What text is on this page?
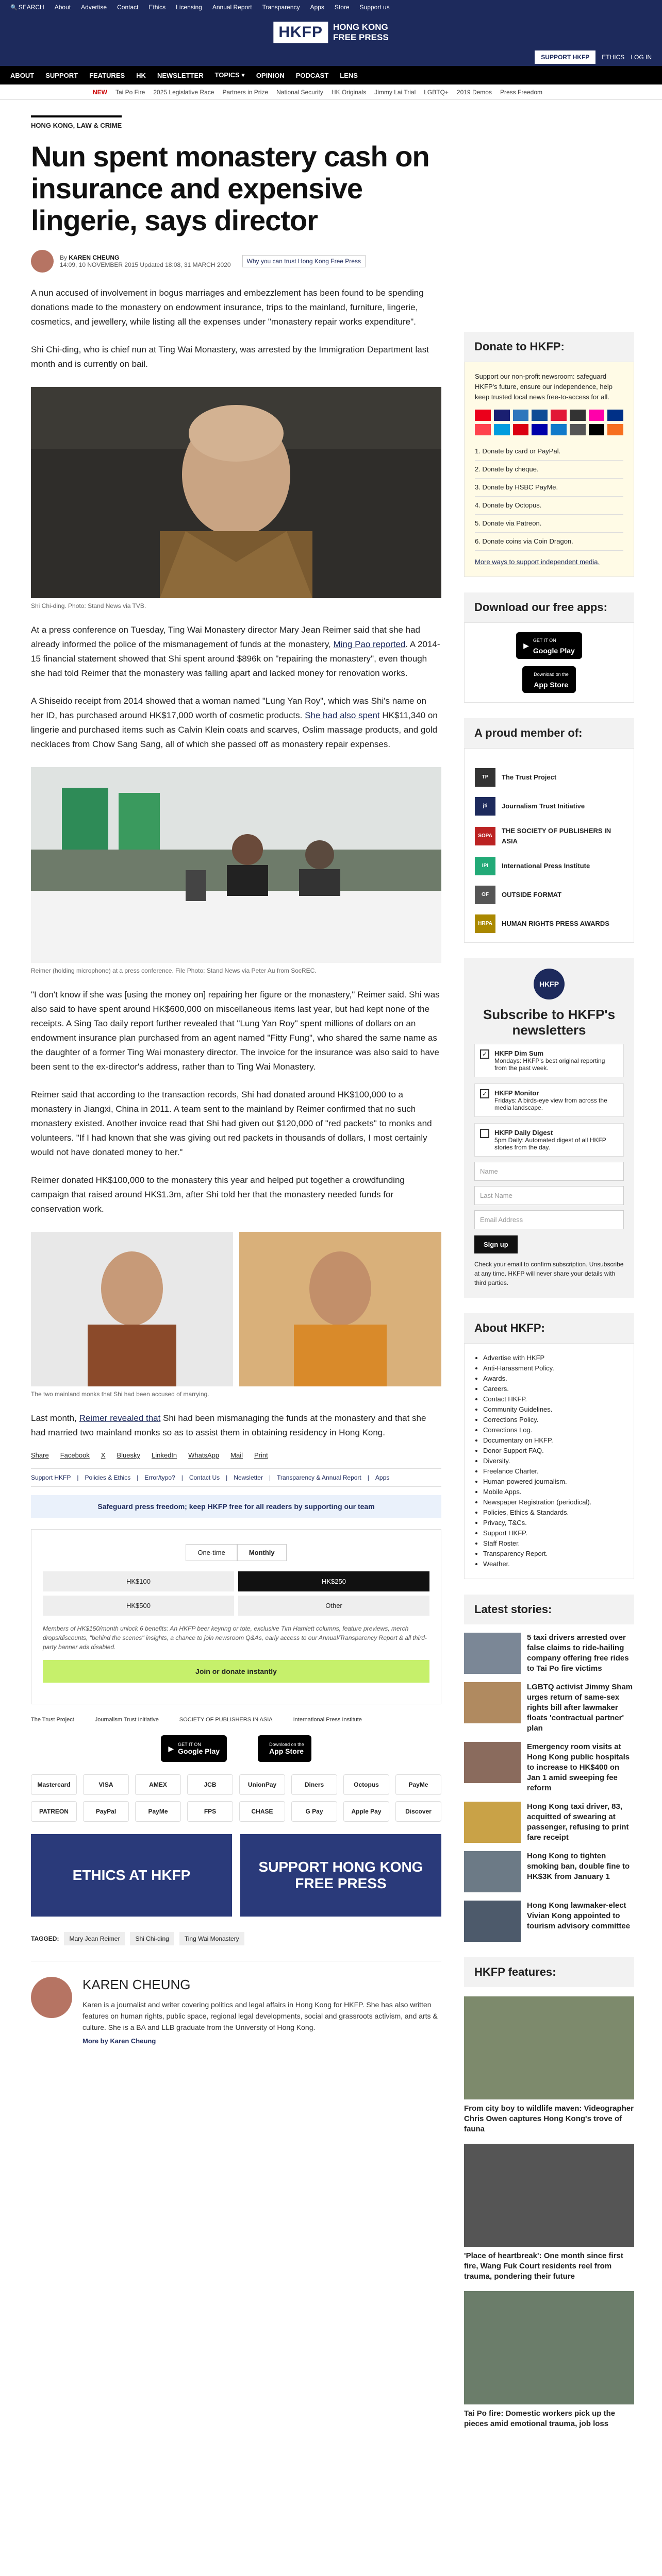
🔍 SEARCH About Advertise Contact Ethics Licensing Annual Report Transparency Apps Store Support us
HKFP	HONG KONG
FREE PRESS
SUPPORT HKFP	ETHICS LOG IN
ABOUT SUPPORT FEATURES HK NEWSLETTER TOPICS ▾ OPINION PODCAST LENS
NEW Tai Po Fire 2025 Legislative Race Partners in Prize National Security HK Originals Jimmy Lai Trial LGBTQ+ 2019 Demos Press Freedom
HONG KONG, LAW & CRIME
Nun spent monastery cash on insurance and expensive lingerie, says director
By KAREN CHEUNG
14:09, 10 NOVEMBER 2015 Updated 18:08, 31 MARCH 2020	Why you can trust Hong Kong Free Press

A nun accused of involvement in bogus marriages and embezzlement has been found to be spending donations made to the monastery on endowment insurance, trips to the mainland, furniture, lingerie, cosmetics, and jewellery, while listing all the expenses under "monastery repair works expenditure".

Shi Chi-ding, who is chief nun at Ting Wai Monastery, was arrested by the Immigration Department last month and is currently on bail.

Shi Chi-ding. Photo: Stand News via TVB.

At a press conference on Tuesday, Ting Wai Monastery director Mary Jean Reimer said that she had already informed the police of the mismanagement of funds at the monastery, Ming Pao reported. A 2014-15 financial statement showed that Shi spent around $896k on "repairing the monastery", even though she had told Reimer that the monastery was falling apart and lacked money for renovation works.

A Shiseido receipt from 2014 showed that a woman named "Lung Yan Roy", which was Shi's name on her ID, has purchased around HK$17,000 worth of cosmetic products. She had also spent HK$11,340 on lingerie and purchased items such as Calvin Klein coats and scarves, Oslim massage products, and gold necklaces from Chow Sang Sang, all of which she passed off as monastery repair expenses.

Reimer (holding microphone) at a press conference. File Photo: Stand News via Peter Au from SocREC.

"I don't know if she was [using the money on] repairing her figure or the monastery," Reimer said. Shi was also said to have spent around HK$600,000 on miscellaneous items last year, but had kept none of the receipts. A Sing Tao daily report further revealed that "Lung Yan Roy" spent millions of dollars on an endowment insurance plan purchased from an agent named "Fitty Fung", who shared the same name as the daughter of a former Ting Wai monastery director. The invoice for the insurance was also said to have been sent to the ex-director's address, rather than to Ting Wai Monastery.

Reimer said that according to the transaction records, Shi had donated around HK$100,000 to a monastery in Jiangxi, China in 2011. A team sent to the mainland by Reimer confirmed that no such monastery existed. Another invoice read that Shi had given out $120,000 of "red packets" to monks and volunteers. "If I had known that she was giving out red packets in thousands of dollars, I most certainly would not have donated money to her."

Reimer donated HK$100,000 to the monastery this year and helped put together a crowdfunding campaign that raised around HK$1.3m, after Shi told her that the monastery needed funds for conservation work.

The two mainland monks that Shi had been accused of marrying.

Last month, Reimer revealed that Shi had been mismanaging the funds at the monastery and that she had married two mainland monks so as to assist them in obtaining residency in Hong Kong.

Share Facebook X Bluesky LinkedIn WhatsApp Mail Print
Support HKFP | Policies & Ethics | Error/typo? | Contact Us | Newsletter | Transparency & Annual Report | Apps
Safeguard press freedom; keep HKFP free for all readers by supporting our team
One-time	Monthly
HK$100	HK$250
HK$500	Other
Members of HK$150/month unlock 6 benefits: An HKFP beer keyring or tote, exclusive Tim Hamlett columns, feature previews, merch drops/discounts, "behind the scenes" insights, a chance to join newsroom Q&As, early access to our Annual/Transparency Report & all third-party banner ads disabled.
Join or donate instantly
The Trust Project	Journalism Trust Initiative	SOCIETY OF PUBLISHERS IN ASIA	International Press Institute
▶ GET IT ON
Google Play
Download on the
App Store
Mastercard	VISA	AMEX	JCB	UnionPay	Diners	Octopus	PayMe
PATREON	PayPal	PayMe	FPS	CHASE	G Pay	Apple Pay	Discover
ETHICS AT HKFP
SUPPORT HONG KONG FREE PRESS
TAGGED:	Mary Jean Reimer	Shi Chi-ding	Ting Wai Monastery
KAREN CHEUNG

Karen is a journalist and writer covering politics and legal affairs in Hong Kong for HKFP. She has also written features on human rights, public space, regional legal developments, social and grassroots activism, and arts & culture. She is a BA and LLB graduate from the University of Hong Kong.

More by Karen Cheung
Donate to HKFP:

Support our non-profit newsroom: safeguard HKFP's future, ensure our independence, help keep trusted local news free-to-access for all.

1. Donate by card or PayPal.
2. Donate by cheque.
3. Donate by HSBC PayMe.
4. Donate by Octopus.
5. Donate via Patreon.
6. Donate coins via Coin Dragon.
More ways to support independent media.
Download our free apps:
▶
GET IT ON
Google Play
Download on the
App Store
A proud member of:
TP	The Trust Project
jti	Journalism Trust Initiative
SOPA
THE SOCIETY OF PUBLISHERS IN ASIA
IPI	International Press Institute
OF	OUTSIDE FORMAT
HRPA	HUMAN RIGHTS PRESS AWARDS
HKFP
Subscribe to HKFP's newsletters
✓	HKFP Dim Sum
Mondays: HKFP's best original reporting from the past week.
✓	HKFP Monitor
Fridays: A birds-eye view from across the media landscape.
HKFP Daily Digest
5pm Daily: Automated digest of all HKFP stories from the day.
Name
Last Name
Email Address
Sign up

Check your email to confirm subscription. Unsubscribe at any time. HKFP will never share your details with third parties.

About HKFP:
• Advertise with HKFP
• Anti-Harassment Policy.
• Awards.
• Careers.
• Contact HKFP.
• Community Guidelines.
• Corrections Policy.
• Corrections Log.
• Documentary on HKFP.
• Donor Support FAQ.
• Diversity.
• Freelance Charter.
• Human-powered journalism.
• Mobile Apps.
• Newspaper Registration (periodical).
• Policies, Ethics & Standards.
• Privacy, T&Cs.
• Support HKFP.
• Staff Roster.
• Transparency Report.
• Weather.
Latest stories:

5 taxi drivers arrested over false claims to ride-hailing company offering free rides to Tai Po fire victims

LGBTQ activist Jimmy Sham urges return of same-sex rights bill after lawmaker floats 'contractual partner' plan

Emergency room visits at Hong Kong public hospitals to increase to HK$400 on Jan 1 amid sweeping fee reform

Hong Kong taxi driver, 83, acquitted of swearing at passenger, refusing to print fare receipt

Hong Kong to tighten smoking ban, double fine to HK$3K from January 1

Hong Kong lawmaker-elect Vivian Kong appointed to tourism advisory committee

HKFP features:

From city boy to wildlife maven: Videographer Chris Owen captures Hong Kong's trove of fauna

'Place of heartbreak': One month since first fire, Wang Fuk Court residents reel from trauma, pondering their future

Tai Po fire: Domestic workers pick up the pieces amid emotional trauma, job loss
